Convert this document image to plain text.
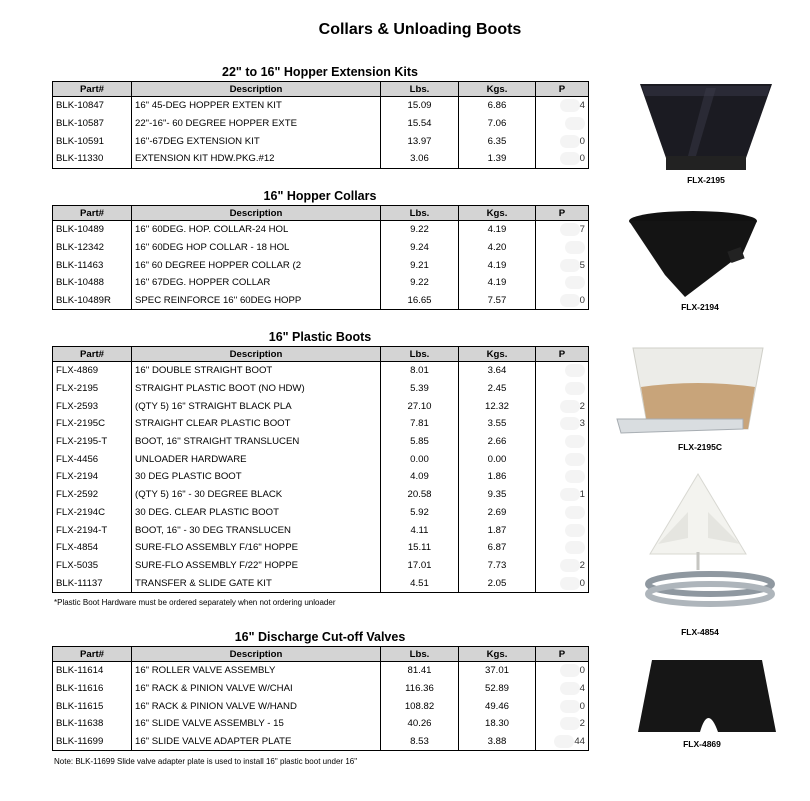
Collars & Unloading Boots
22" to 16" Hopper Extension Kits
Part#	Description	Lbs.	Kgs.	P
BLK-10847	16" 45-DEG HOPPER EXTEN KIT	15.09	6.86	4
BLK-10587	22"-16"- 60 DEGREE HOPPER EXTE	15.54	7.06	
BLK-10591	16''-67DEG EXTENSION KIT	13.97	6.35	0
BLK-11330	EXTENSION KIT HDW.PKG.#12	3.06	1.39	0
16" Hopper Collars
Part#	Description	Lbs.	Kgs.	P
BLK-10489	16'' 60DEG. HOP. COLLAR-24 HOL	9.22	4.19	7
BLK-12342	16'' 60DEG HOP COLLAR - 18 HOL	9.24	4.20	
BLK-11463	16" 60 DEGREE HOPPER COLLAR (2	9.21	4.19	5
BLK-10488	16'' 67DEG. HOPPER COLLAR	9.22	4.19	
BLK-10489R	SPEC REINFORCE 16'' 60DEG HOPP	16.65	7.57	0
16" Plastic Boots
Part#	Description	Lbs.	Kgs.	P
FLX-4869	16'' DOUBLE STRAIGHT BOOT	8.01	3.64	
FLX-2195	STRAIGHT PLASTIC BOOT (NO HDW)	5.39	2.45	
FLX-2593	(QTY 5) 16" STRAIGHT BLACK PLA	27.10	12.32	2
FLX-2195C	STRAIGHT CLEAR PLASTIC BOOT	7.81	3.55	3
FLX-2195-T	BOOT, 16'' STRAIGHT TRANSLUCEN	5.85	2.66	
FLX-4456	UNLOADER HARDWARE	0.00	0.00	
FLX-2194	30 DEG PLASTIC BOOT	4.09	1.86	
FLX-2592	(QTY 5) 16" - 30 DEGREE BLACK	20.58	9.35	1
FLX-2194C	30 DEG. CLEAR PLASTIC BOOT	5.92	2.69	
FLX-2194-T	BOOT, 16'' - 30 DEG TRANSLUCEN	4.11	1.87	
FLX-4854	SURE-FLO ASSEMBLY F/16" HOPPE	15.11	6.87	
FLX-5035	SURE-FLO ASSEMBLY F/22" HOPPE	17.01	7.73	2
BLK-11137	TRANSFER & SLIDE GATE KIT	4.51	2.05	0
*Plastic Boot Hardware must be ordered separately when not ordering unloader
16" Discharge Cut-off Valves
Part#	Description	Lbs.	Kgs.	P
BLK-11614	16" ROLLER VALVE ASSEMBLY	81.41	37.01	0
BLK-11616	16" RACK & PINION VALVE W/CHAI	116.36	52.89	4
BLK-11615	16" RACK & PINION VALVE W/HAND	108.82	49.46	0
BLK-11638	16" SLIDE VALVE ASSEMBLY - 15	40.26	18.30	2
BLK-11699	16" SLIDE VALVE ADAPTER PLATE	8.53	3.88	44
Note: BLK-11699 Slide valve adapter plate is used to install 16" plastic boot under 16"
FLX-2195
FLX-2194
FLX-2195C
FLX-4854
FLX-4869
